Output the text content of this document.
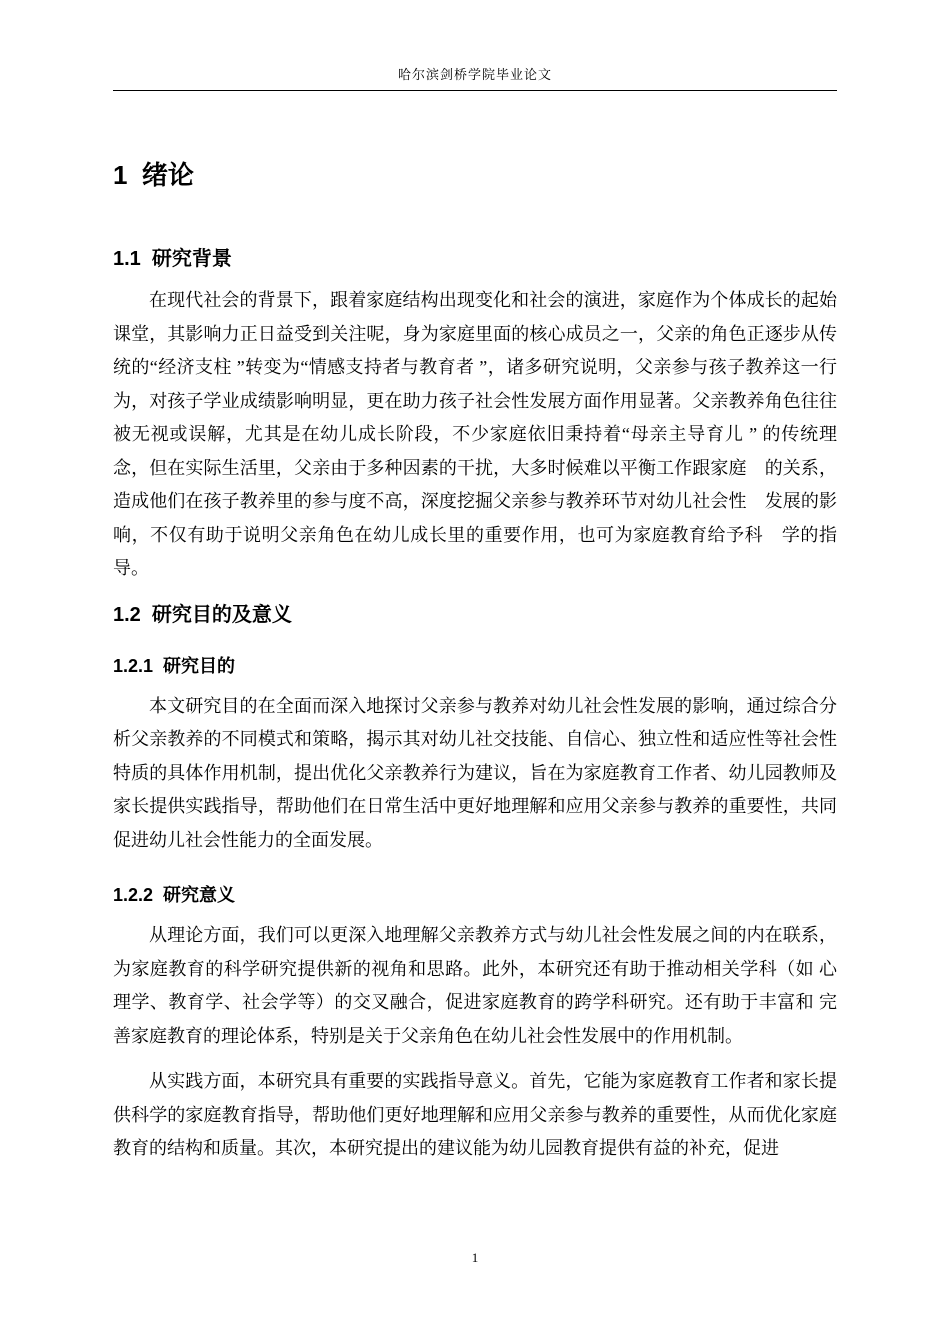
哈尔滨剑桥学院毕业论文
1  绪论
1.1  研究背景

在现代社会的背景下，跟着家庭结构出现变化和社会的演进，家庭作为个体成长的起始课堂，其影响力正日益受到关注呢，身为家庭里面的核心成员之一，父亲的角色正逐步从传统的“经济支柱 ”转变为“情感支持者与教育者 ”，诸多研究说明，父亲参与孩子教养这一行为，对孩子学业成绩影响明显，更在助力孩子社会性发展方面作用显著。父亲教养角色往往被无视或误解，尤其是在幼儿成长阶段，不少家庭依旧秉持着“母亲主导育儿 ” 的传统理念，但在实际生活里，父亲由于多种因素的干扰，大多时候难以平衡工作跟家庭　的关系，造成他们在孩子教养里的参与度不高，深度挖掘父亲参与教养环节对幼儿社会性　发展的影响，不仅有助于说明父亲角色在幼儿成长里的重要作用，也可为家庭教育给予科　学的指导。

1.2  研究目的及意义
1.2.1  研究目的

本文研究目的在全面而深入地探讨父亲参与教养对幼儿社会性发展的影响，通过综合分析父亲教养的不同模式和策略，揭示其对幼儿社交技能、自信心、独立性和适应性等社会性特质的具体作用机制，提出优化父亲教养行为建议，旨在为家庭教育工作者、幼儿园教师及家长提供实践指导，帮助他们在日常生活中更好地理解和应用父亲参与教养的重要性，共同促进幼儿社会性能力的全面发展。

1.2.2  研究意义

从理论方面，我们可以更深入地理解父亲教养方式与幼儿社会性发展之间的内在联系，为家庭教育的科学研究提供新的视角和思路。此外，本研究还有助于推动相关学科（如 心理学、教育学、社会学等）的交叉融合，促进家庭教育的跨学科研究。还有助于丰富和 完善家庭教育的理论体系，特别是关于父亲角色在幼儿社会性发展中的作用机制。

从实践方面，本研究具有重要的实践指导意义。首先，它能为家庭教育工作者和家长提供科学的家庭教育指导，帮助他们更好地理解和应用父亲参与教养的重要性，从而优化家庭教育的结构和质量。其次，本研究提出的建议能为幼儿园教育提供有益的补充，促进

1
